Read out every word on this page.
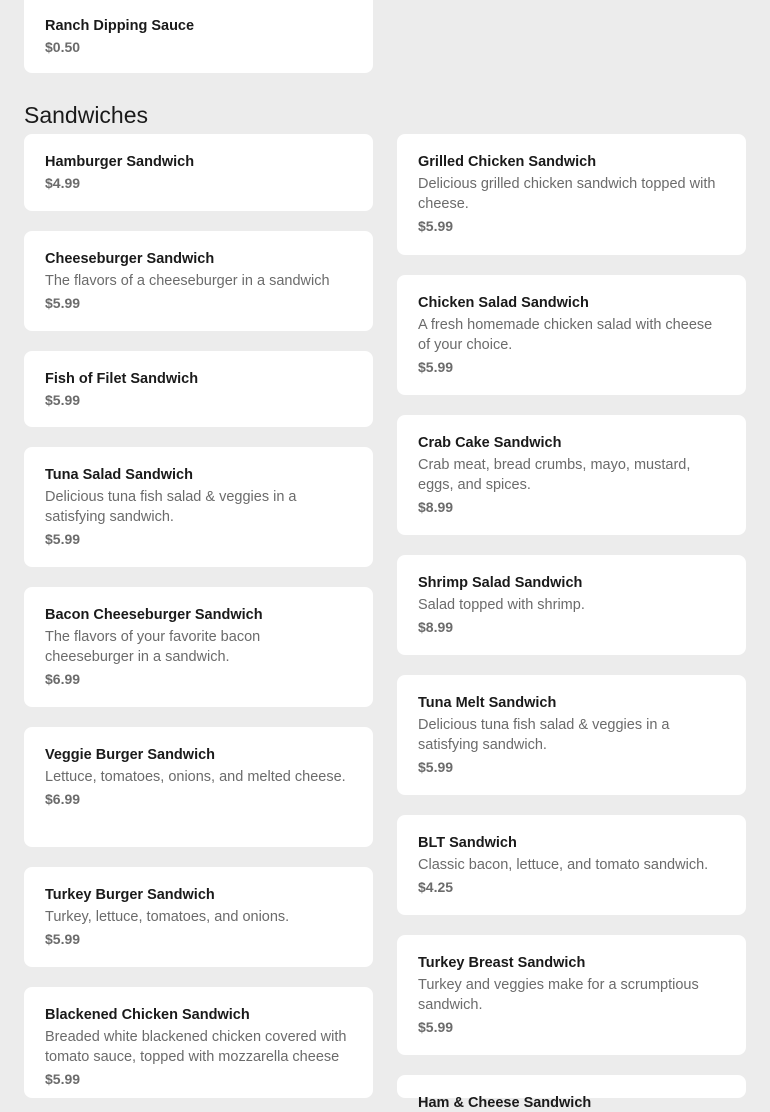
Ranch Dipping Sauce
$0.50
Sandwiches
Hamburger Sandwich
$4.99
Cheeseburger Sandwich
The flavors of a cheeseburger in a sandwich
$5.99
Fish of Filet Sandwich
$5.99
Tuna Salad Sandwich
Delicious tuna fish salad & veggies in a satisfying sandwich.
$5.99
Bacon Cheeseburger Sandwich
The flavors of your favorite bacon cheeseburger in a sandwich.
$6.99
Veggie Burger Sandwich
Lettuce, tomatoes, onions, and melted cheese.
$6.99
Turkey Burger Sandwich
Turkey, lettuce, tomatoes, and onions.
$5.99
Blackened Chicken Sandwich
Breaded white blackened chicken covered with tomato sauce, topped with mozzarella cheese
$5.99
Grilled Chicken Sandwich
Delicious grilled chicken sandwich topped with cheese.
$5.99
Chicken Salad Sandwich
A fresh homemade chicken salad with cheese of your choice.
$5.99
Crab Cake Sandwich
Crab meat, bread crumbs, mayo, mustard, eggs, and spices.
$8.99
Shrimp Salad Sandwich
Salad topped with shrimp.
$8.99
Tuna Melt Sandwich
Delicious tuna fish salad & veggies in a satisfying sandwich.
$5.99
BLT Sandwich
Classic bacon, lettuce, and tomato sandwich.
$4.25
Turkey Breast Sandwich
Turkey and veggies make for a scrumptious sandwich.
$5.99
Ham & Cheese Sandwich
